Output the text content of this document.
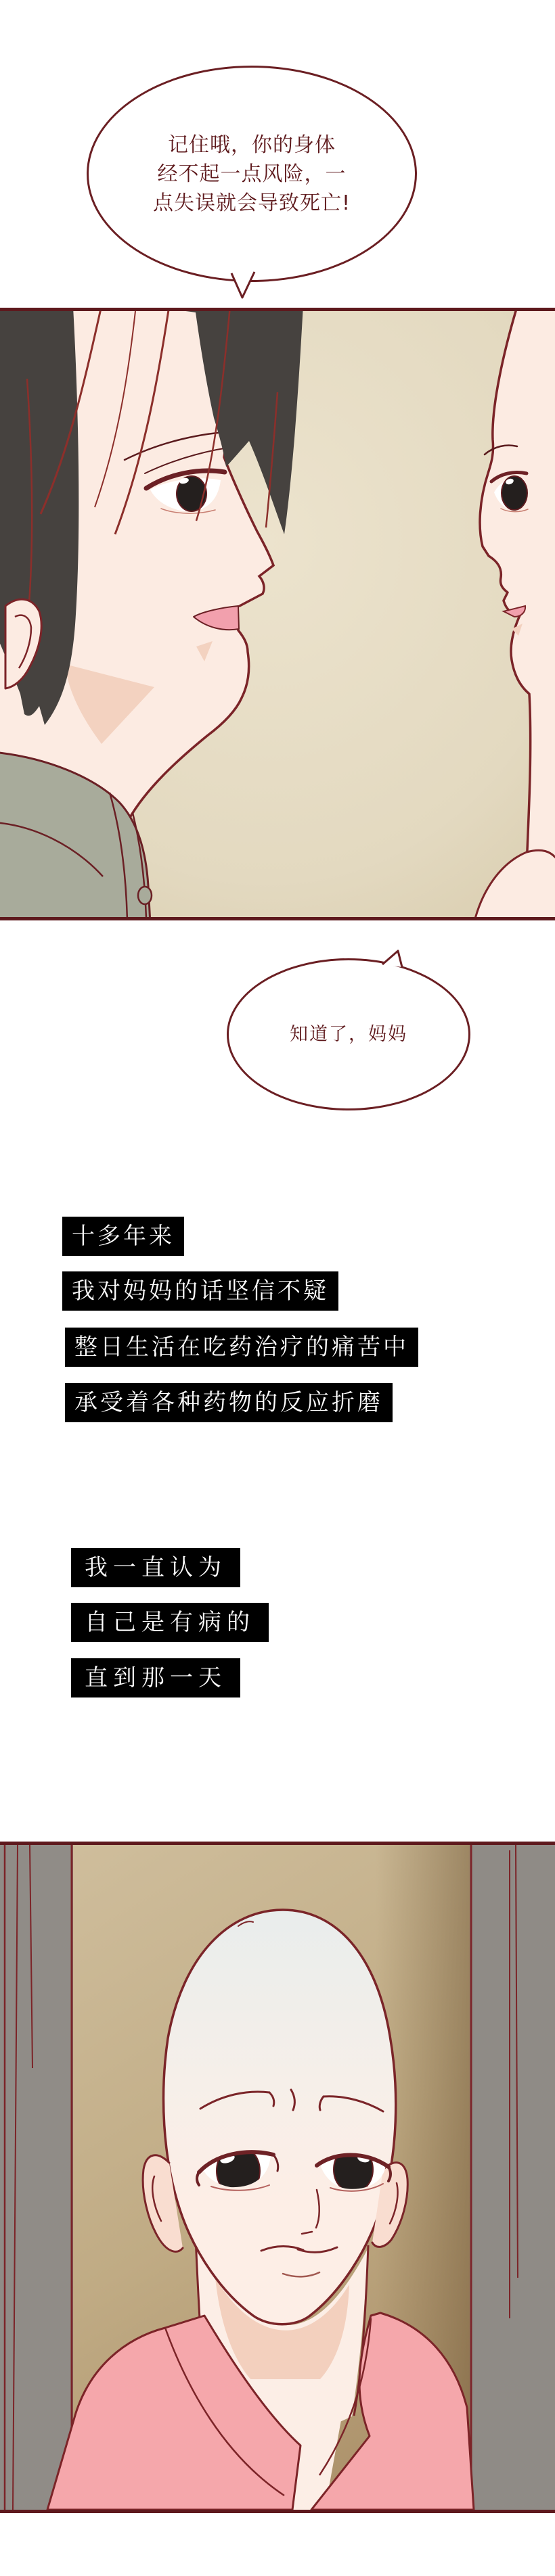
记住哦，你的身体
经不起一点风险，一
点失误就会导致死亡!
知道了，妈妈
十多年来
我对妈妈的话坚信不疑
整日生活在吃药治疗的痛苦中
承受着各种药物的反应折磨
我一直认为
自己是有病的
直到那一天
